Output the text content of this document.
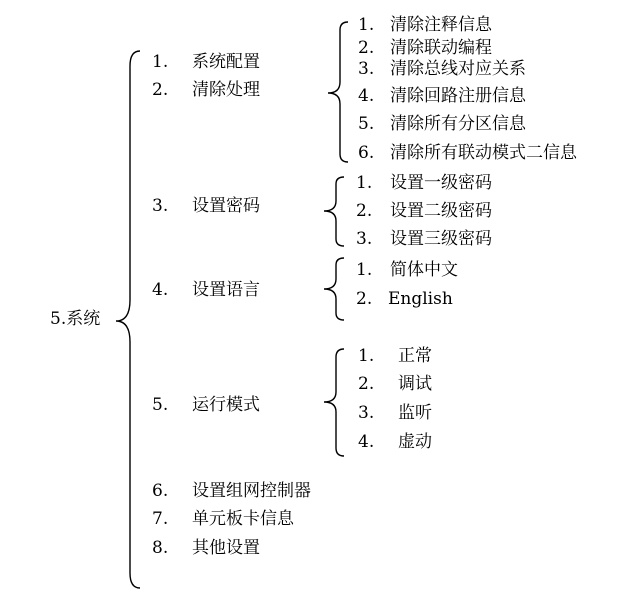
5.系统
1. 系统配置
2. 清除处理
3. 设置密码
4. 设置语言
5. 运行模式
6. 设置组网控制器
7. 单元板卡信息
8. 其他设置
1. 清除注释信息
2. 清除联动编程
3. 清除总线对应关系
4. 清除回路注册信息
5. 清除所有分区信息
6. 清除所有联动模式二信息
1. 设置一级密码
2. 设置二级密码
3. 设置三级密码
1. 简体中文
2. English
1. 正常
2. 调试
3. 监听
4. 虚动
